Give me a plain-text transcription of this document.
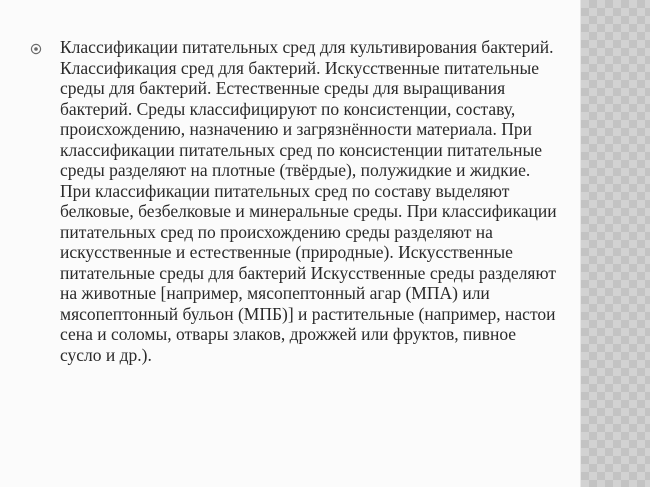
Классификации питательных сред для культивирования бактерий. Классификация сред для бактерий. Искусственные питательные среды для бактерий. Естественные среды для выращивания бактерий. Среды классифицируют по консистенции, составу, происхождению, назначению и загрязнённости материала. При классификации питательных сред по консистенции питательные среды разделяют на плотные (твёрдые), полужидкие и жидкие. При классификации питательных сред по составу выделяют белковые, безбелковые и минеральные среды. При классификации питательных сред по происхождению среды разделяют на искусственные и естественные (природные). Искусственные питательные среды для бактерий Искусственные среды разделяют на животные [например, мясопептонный агар (МПА) или мясопептонный бульон (МПБ)] и растительные (например, настои сена и соломы, отвары злаков, дрожжей или фруктов, пивное сусло и др.).
